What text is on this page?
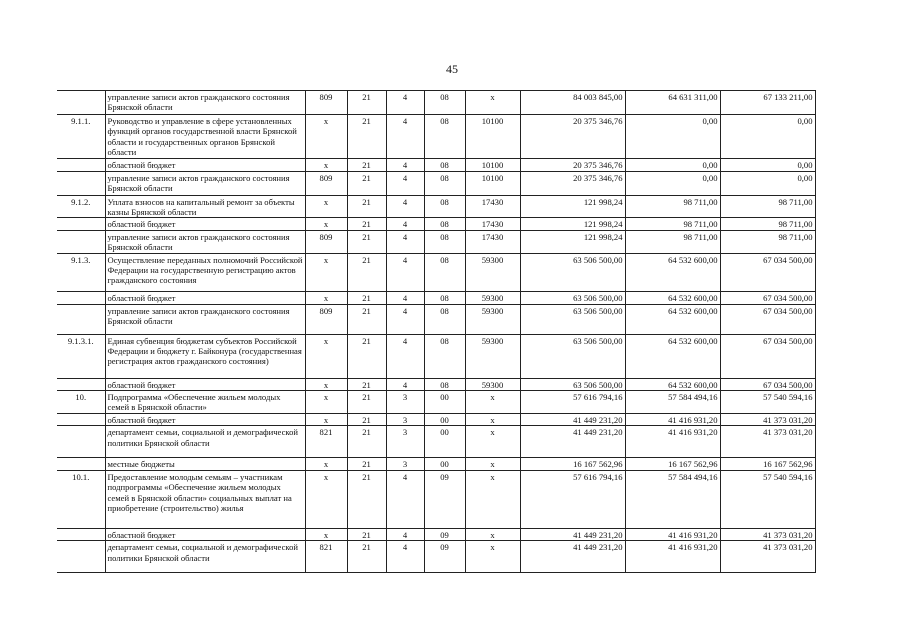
45
	управление записи актов гражданского состояния Брянской области	809	21	4	08	x	84 003 845,00	64 631 311,00	67 133 211,00
9.1.1.	Руководство и управление в сфере установленных функций органов государственной власти Брянской области и государственных органов Брянской области	x	21	4	08	10100	20 375 346,76	0,00	0,00
	областной бюджет	x	21	4	08	10100	20 375 346,76	0,00	0,00
	управление записи актов гражданского состояния Брянской области	809	21	4	08	10100	20 375 346,76	0,00	0,00
9.1.2.	Уплата взносов на капитальный ремонт за объекты казны Брянской области	x	21	4	08	17430	121 998,24	98 711,00	98 711,00
	областной бюджет	x	21	4	08	17430	121 998,24	98 711,00	98 711,00
	управление записи актов гражданского состояния Брянской области	809	21	4	08	17430	121 998,24	98 711,00	98 711,00
9.1.3.	Осуществление переданных полномочий Российской Федерации на государственную регистрацию актов гражданского состояния	x	21	4	08	59300	63 506 500,00	64 532 600,00	67 034 500,00
	областной бюджет	x	21	4	08	59300	63 506 500,00	64 532 600,00	67 034 500,00
	управление записи актов гражданского состояния Брянской области	809	21	4	08	59300	63 506 500,00	64 532 600,00	67 034 500,00
9.1.3.1.	Единая субвенция бюджетам субъектов Российской Федерации и бюджету г. Байконура (государственная регистрация актов гражданского состояния)	x	21	4	08	59300	63 506 500,00	64 532 600,00	67 034 500,00
	областной бюджет	x	21	4	08	59300	63 506 500,00	64 532 600,00	67 034 500,00
10.	Подпрограмма «Обеспечение жильем молодых семей в Брянской области»	x	21	3	00	x	57 616 794,16	57 584 494,16	57 540 594,16
	областной бюджет	x	21	3	00	x	41 449 231,20	41 416 931,20	41 373 031,20
	департамент семьи, социальной и демографической политики Брянской области	821	21	3	00	x	41 449 231,20	41 416 931,20	41 373 031,20
	местные бюджеты	x	21	3	00	x	16 167 562,96	16 167 562,96	16 167 562,96
10.1.	Предоставление молодым семьям – участникам подпрограммы «Обеспечение жильем молодых семей в Брянской области» социальных выплат на приобретение (строительство) жилья	x	21	4	09	x	57 616 794,16	57 584 494,16	57 540 594,16
	областной бюджет	x	21	4	09	x	41 449 231,20	41 416 931,20	41 373 031,20
	департамент семьи, социальной и демографической политики Брянской области	821	21	4	09	x	41 449 231,20	41 416 931,20	41 373 031,20
